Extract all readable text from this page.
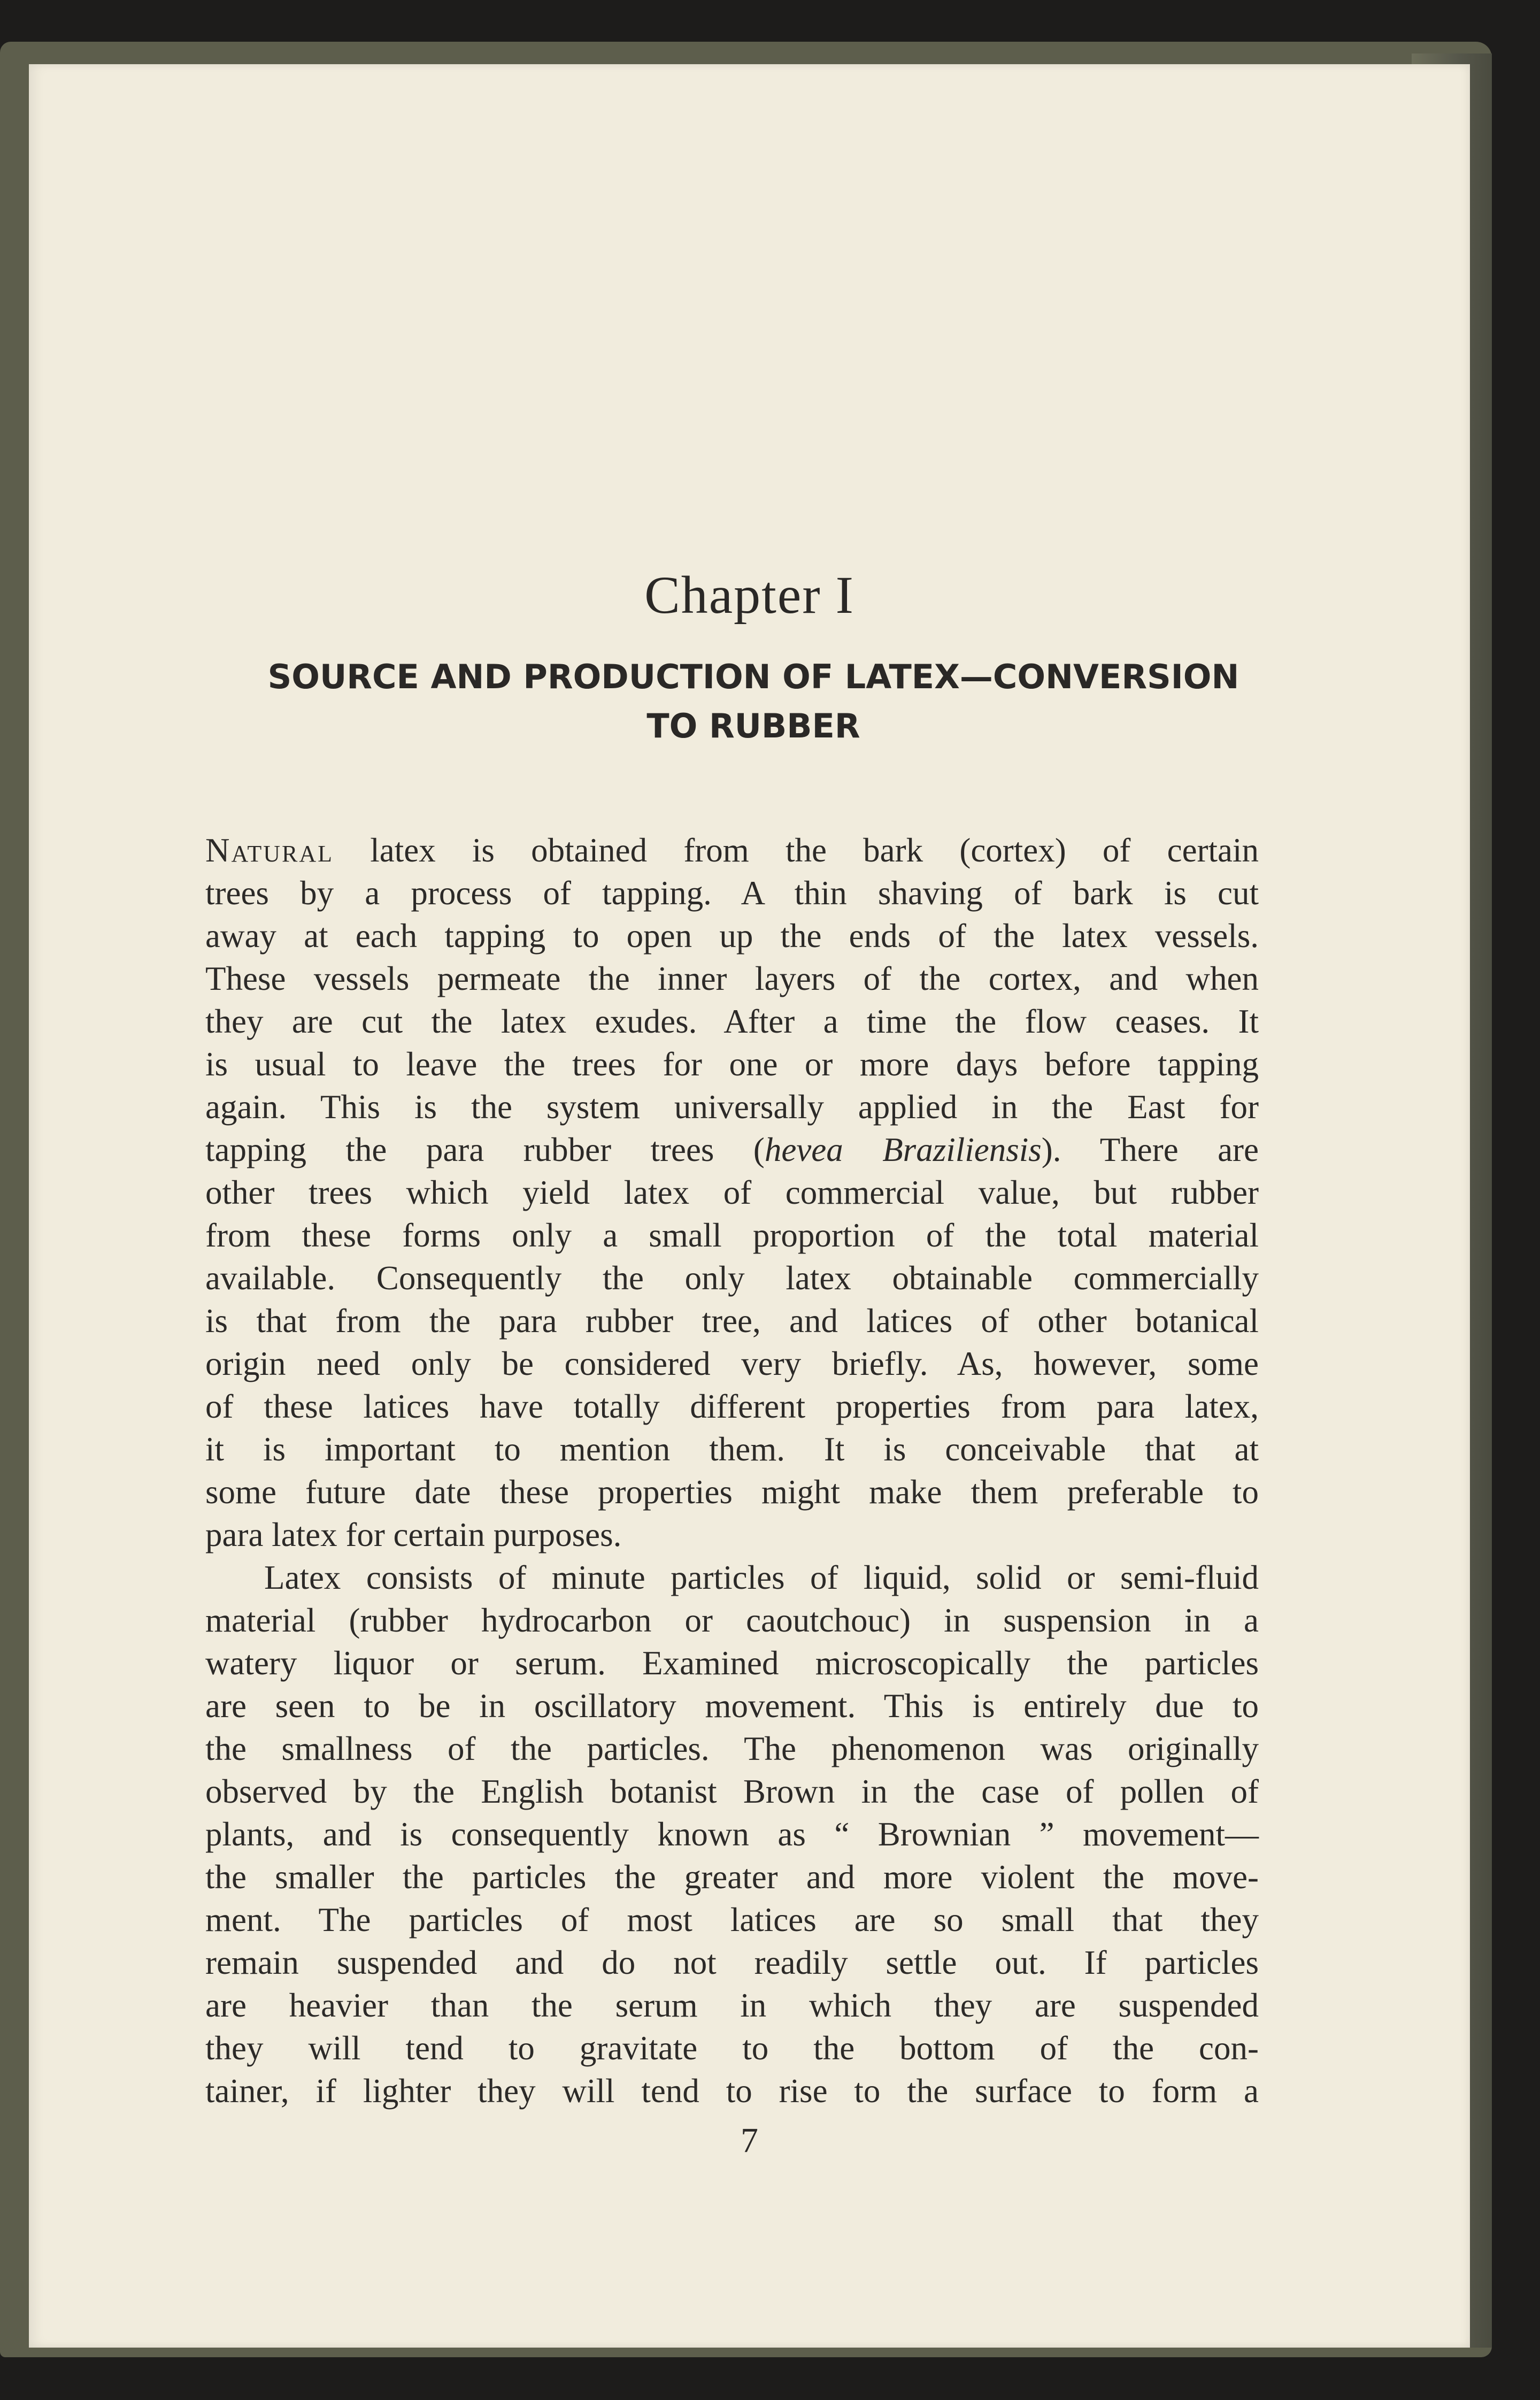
Chapter I
SOURCE AND PRODUCTION OF LATEX—CONVERSION
TO RUBBER
Natural latex is obtained from the bark (cortex) of certain
trees by a process of tapping. A thin shaving of bark is cut
away at each tapping to open up the ends of the latex vessels.
These vessels permeate the inner layers of the cortex, and when
they are cut the latex exudes. After a time the flow ceases. It
is usual to leave the trees for one or more days before tapping
again. This is the system universally applied in the East for
tapping the para rubber trees (hevea Braziliensis). There are
other trees which yield latex of commercial value, but rubber
from these forms only a small proportion of the total material
available. Consequently the only latex obtainable commercially
is that from the para rubber tree, and latices of other botanical
origin need only be considered very briefly. As, however, some
of these latices have totally different properties from para latex,
it is important to mention them. It is conceivable that at
some future date these properties might make them preferable to
para latex for certain purposes.
Latex consists of minute particles of liquid, solid or semi-fluid
material (rubber hydrocarbon or caoutchouc) in suspension in a
watery liquor or serum. Examined microscopically the particles
are seen to be in oscillatory movement. This is entirely due to
the smallness of the particles. The phenomenon was originally
observed by the English botanist Brown in the case of pollen of
plants, and is consequently known as “ Brownian ” movement—
the smaller the particles the greater and more violent the move-
ment. The particles of most latices are so small that they
remain suspended and do not readily settle out. If particles
are heavier than the serum in which they are suspended
they will tend to gravitate to the bottom of the con-
tainer, if lighter they will tend to rise to the surface to form a
7
